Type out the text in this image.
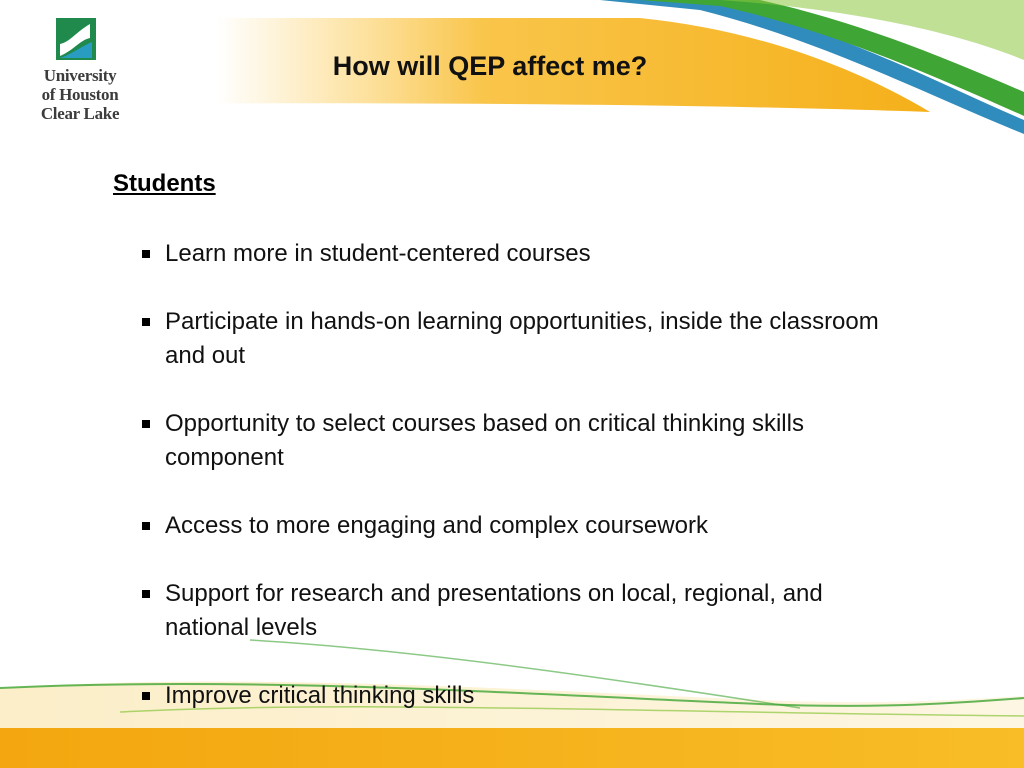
University
of Houston
Clear Lake
How will QEP affect me?
Students
Learn more in student-centered courses
Participate in hands-on learning opportunities, inside the classroom and out
Opportunity to select courses based on critical thinking skills component
Access to more engaging and complex coursework
Support for research and presentations on local, regional, and national levels
Improve critical thinking skills
